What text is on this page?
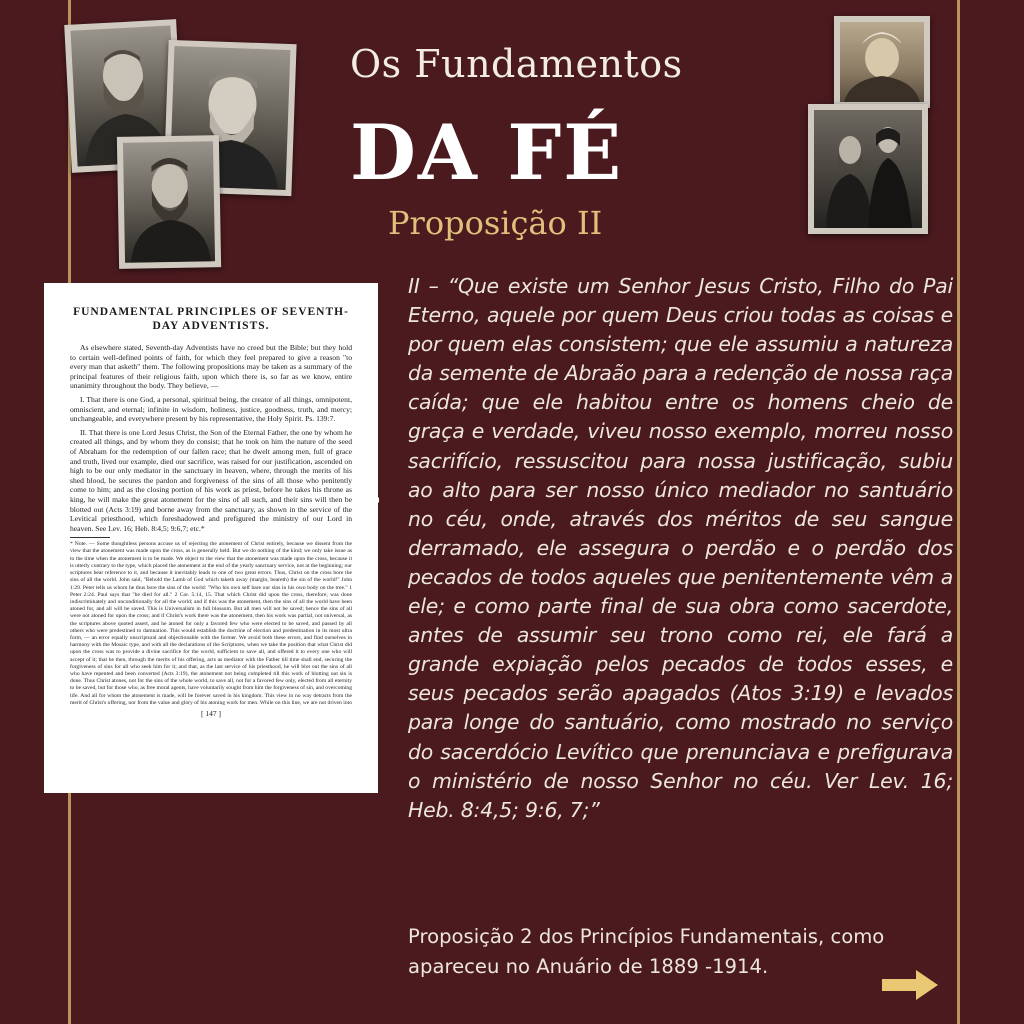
Os Fundamentos
DA FÉ
Proposição II
FUNDAMENTAL PRINCIPLES OF SEVENTH-DAY ADVENTISTS.

As elsewhere stated, Seventh-day Adventists have no creed but the Bible; but they hold to certain well-defined points of faith, for which they feel prepared to give a reason "to every man that asketh" them. The following propositions may be taken as a summary of the principal features of their religious faith, upon which there is, so far as we know, entire unanimity throughout the body. They believe, —

I. That there is one God, a personal, spiritual being, the creator of all things, omnipotent, omniscient, and eternal; infinite in wisdom, holiness, justice, goodness, truth, and mercy; unchangeable, and everywhere present by his representative, the Holy Spirit. Ps. 139:7.

II. That there is one Lord Jesus Christ, the Son of the Eternal Father, the one by whom he created all things, and by whom they do consist; that he took on him the nature of the seed of Abraham for the redemption of our fallen race; that he dwelt among men, full of grace and truth, lived our example, died our sacrifice, was raised for our justification, ascended on high to be our only mediator in the sanctuary in heaven, where, through the merits of his shed blood, he secures the pardon and forgiveness of the sins of all those who penitently come to him; and as the closing portion of his work as priest, before he takes his throne as king, he will make the great atonement for the sins of all such, and their sins will then be blotted out (Acts 3:19) and borne away from the sanctuary, as shown in the service of the Levitical priesthood, which foreshadowed and prefigured the ministry of our Lord in heaven. See Lev. 16; Heb. 8:4,5; 9:6,7; etc.*

* Note. — Some thoughtless persons accuse us of rejecting the atonement of Christ entirely, because we dissent from the view that the atonement was made upon the cross, as is generally held. But we do nothing of the kind; we only take issue as to the time when the atonement is to be made. We object to the view that the atonement was made upon the cross, because it is utterly contrary to the type, which placed the atonement at the end of the yearly sanctuary service, not at the beginning; our scriptures bear reference to it, and because it inevitably leads to one of two great errors. Thus, Christ on the cross bore the sins of all the world. John said, "Behold the Lamb of God which taketh away (margin, beareth) the sin of the world!" John 1:29. Peter tells us whom he thus bore the sins of the world: "Who his own self bare our sins in his own body on the tree." 1 Peter 2:24. Paul says that "he died for all." 2 Cor. 5:14, 15. That which Christ did upon the cross, therefore, was done indiscriminately and unconditionally for all the world; and if this was the atonement, then the sins of all the world have been atoned for, and all will be saved. This is Universalism in full blossom. But all men will not be saved; hence the sins of all were not atoned for upon the cross; and if Christ's work there was the atonement, then his work was partial, not universal, as the scriptures above quoted assert, and he atoned for only a favored few who were elected to be saved, and passed by all others who were predestined to damnation. This would establish the doctrine of election and predestination in its most ultra form, — an error equally unscriptural and objectionable with the former. We avoid both these errors, and find ourselves in harmony with the Mosaic type, and with all the declarations of the Scriptures, when we take the position that what Christ did upon the cross was to provide a divine sacrifice for the world, sufficient to save all, and offered it to every one who will accept of it; that he then, through the merits of his offering, acts as mediator with the Father till time shall end, securing the forgiveness of sins for all who seek him for it; and that, as the last service of his priesthood, he will blot out the sins of all who have repented and been converted (Acts 3:19), the atonement not being completed till this work of blotting out sin is done. Thus Christ atones, not for the sins of the whole world, to save all, not for a favored few only, elected from all eternity to be saved, but for those who, as free moral agents, have voluntarily sought from him the forgiveness of sin, and overcoming life. And all for whom the atonement is made, will be forever saved in his kingdom. This view in no way detracts from the merit of Christ's offering, nor from the value and glory of his atoning work for men. While on this line, we are not driven into
[ 147 ]
}
II – “Que existe um Senhor Jesus Cristo, Filho do Pai Eterno, aquele por quem Deus criou todas as coisas e por quem elas consistem; que ele assumiu a natureza da semente de Abraão para a redenção de nossa raça caída; que ele habitou entre os homens cheio de graça e verdade, viveu nosso exemplo, morreu nosso sacrifício, ressuscitou para nossa justificação, subiu ao alto para ser nosso único mediador no santuário no céu, onde, através dos méritos de seu sangue derramado, ele assegura o perdão e o perdão dos pecados de todos aqueles que penitentemente vêm a ele; e como parte final de sua obra como sacerdote, antes de assumir seu trono como rei, ele fará a grande expiação pelos pecados de todos esses, e seus pecados serão apagados (Atos 3:19) e levados para longe do santuário, como mostrado no serviço do sacerdócio Levítico que prenunciava e prefigurava o ministério de nosso Senhor no céu. Ver Lev. 16; Heb. 8:4,5; 9:6, 7;”
Proposição 2 dos Princípios Fundamentais, como apareceu no Anuário de 1889 -1914.
